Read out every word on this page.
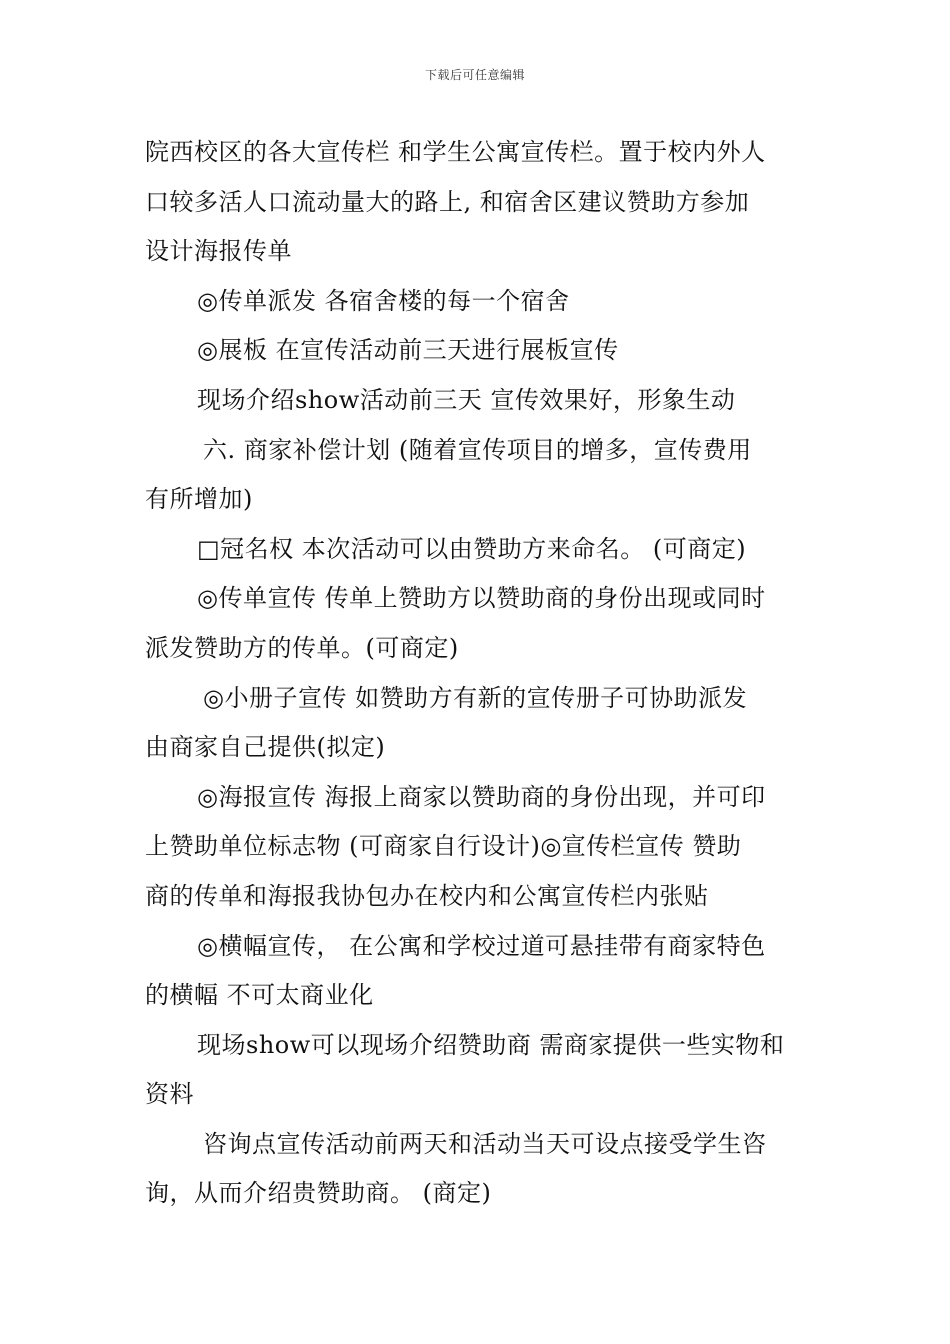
下载后可任意编辑

院西校区的各大宣传栏 和学生公寓宣传栏。置于校内外人

口较多活人口流动量大的路上, 和宿舍区建议赞助方参加

设计海报传单

◎传单派发 各宿舍楼的每一个宿舍

◎展板 在宣传活动前三天进行展板宣传

现场介绍show活动前三天 宣传效果好，形象生动

六. 商家补偿计划 (随着宣传项目的增多，宣传费用

有所增加)

□冠名权 本次活动可以由赞助方来命名。 (可商定)

◎传单宣传 传单上赞助方以赞助商的身份出现或同时

派发赞助方的传单。(可商定)

◎小册子宣传 如赞助方有新的宣传册子可协助派发

由商家自己提供(拟定)

◎海报宣传 海报上商家以赞助商的身份出现，并可印

上赞助单位标志物 (可商家自行设计)◎宣传栏宣传 赞助

商的传单和海报我协包办在校内和公寓宣传栏内张贴

◎横幅宣传， 在公寓和学校过道可悬挂带有商家特色

的横幅 不可太商业化

现场show可以现场介绍赞助商 需商家提供一些实物和

资料

咨询点宣传活动前两天和活动当天可设点接受学生咨

询，从而介绍贵赞助商。 (商定)
